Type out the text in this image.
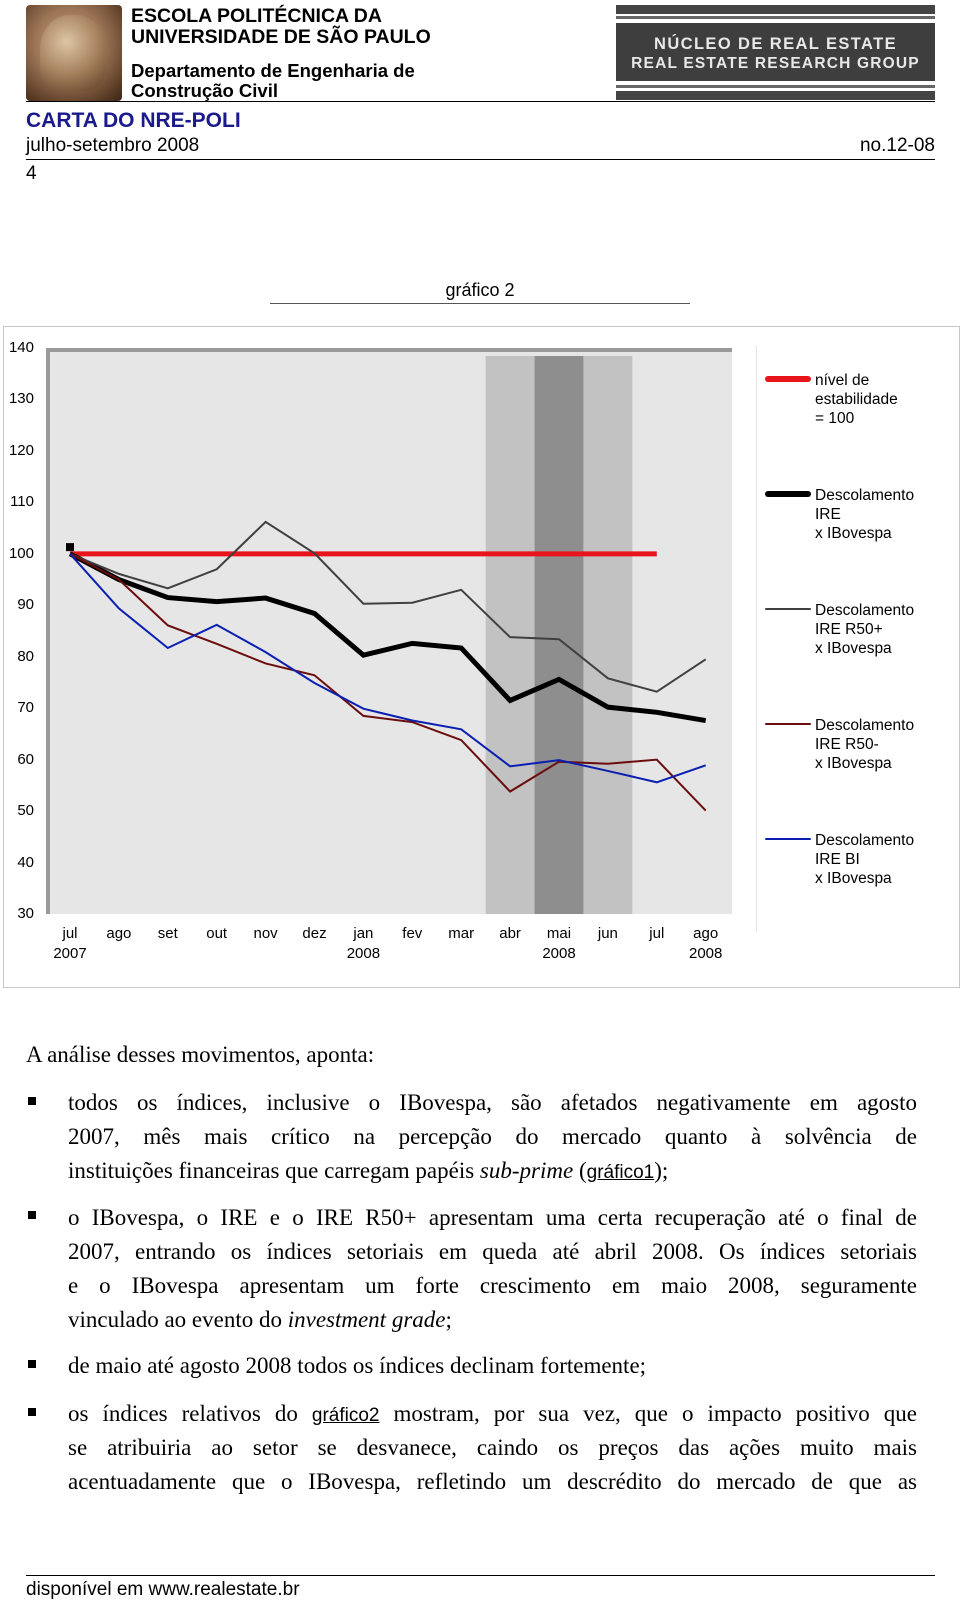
ESCOLA POLITÉCNICA DA
UNIVERSIDADE DE SÃO PAULO
Departamento de Engenharia de
Construção Civil
NÚCLEO DE REAL ESTATE
REAL ESTATE RESEARCH GROUP
CARTA DO NRE-POLI
julho-setembro 2008	no.12-08
4
gráfico 2
140
130
120
110
100
90
80
70
60
50
40
30
jul
2007
ago	set	out	nov	dez	jan
2008
fev	mar	abr	mai
2008
jun	jul	ago
2008
nível de
estabilidade
= 100
Descolamento
IRE
x IBovespa
Descolamento
IRE R50+
x IBovespa
Descolamento
IRE R50-
x IBovespa
Descolamento
IRE BI
x IBovespa
A análise desses movimentos, aponta:
todos os índices, inclusive o IBovespa, são afetados negativamente em agosto
2007, mês mais crítico na percepção do mercado quanto à solvência de
instituições financeiras que carregam papéis sub-prime (gráfico1);
o IBovespa, o IRE e o IRE R50+ apresentam uma certa recuperação até o final de
2007, entrando os índices setoriais em queda até abril 2008. Os índices setoriais
e o IBovespa apresentam um forte crescimento em maio 2008, seguramente
vinculado ao evento do investment grade;
de maio até agosto 2008 todos os índices declinam fortemente;
os índices relativos do gráfico2 mostram, por sua vez, que o impacto positivo que
se atribuiria ao setor se desvanece, caindo os preços das ações muito mais
acentuadamente que o IBovespa, refletindo um descrédito do mercado de que as
disponível em www.realestate.br
